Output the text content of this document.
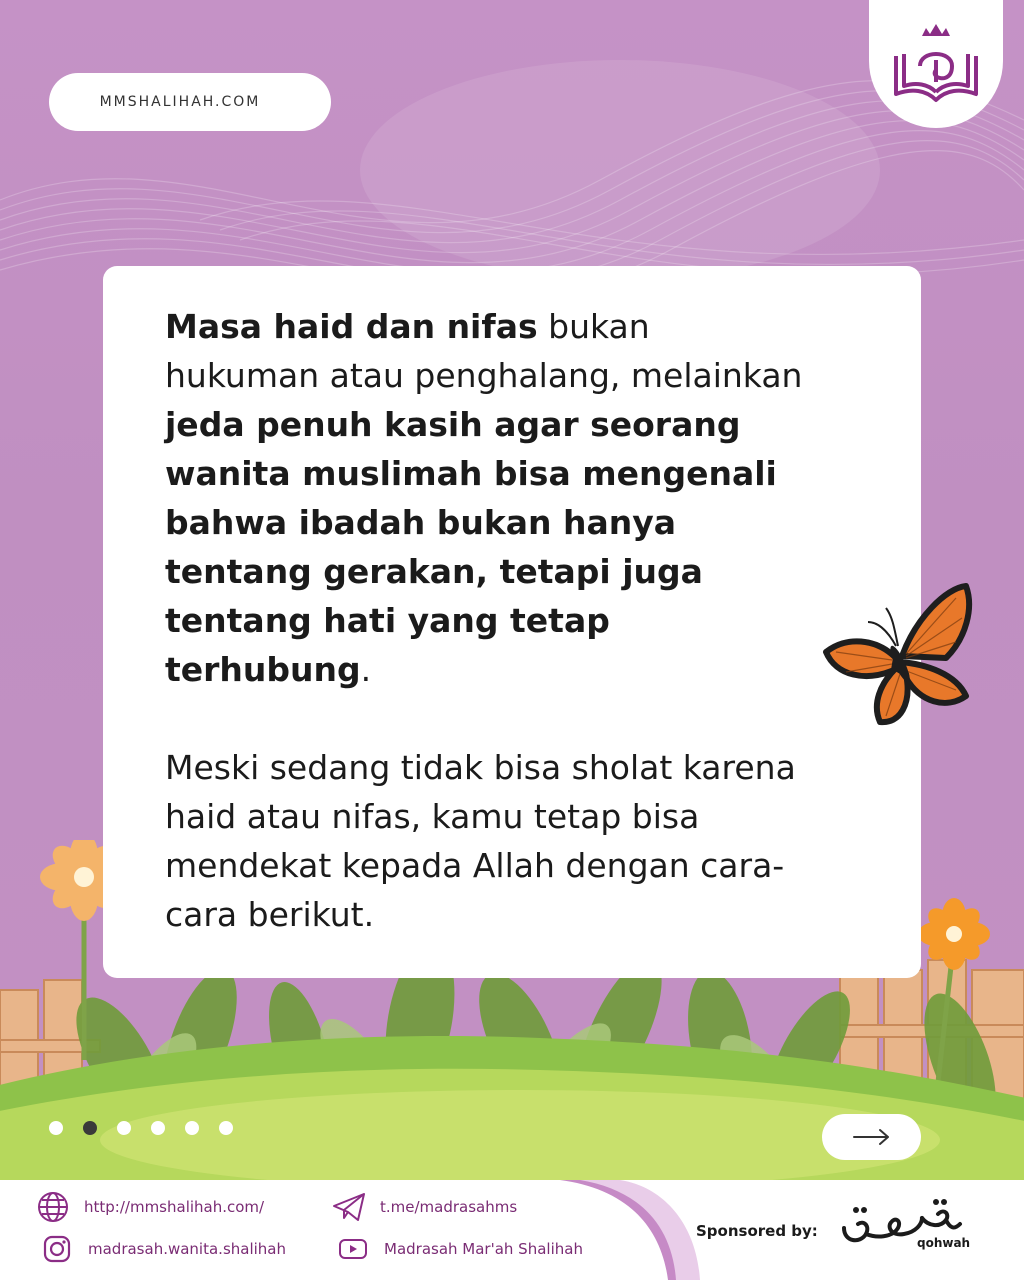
MMSHALIHAH.COM

Masa haid dan nifas bukan hukuman atau penghalang, melainkan jeda penuh kasih agar seorang wanita muslimah bisa mengenali bahwa ibadah bukan hanya tentang gerakan, tetapi juga tentang hati yang tetap terhubung.

Meski sedang tidak bisa sholat karena haid atau nifas, kamu tetap bisa mendekat kepada Allah dengan cara-cara berikut.

http://mmshalihah.com/
madrasah.wanita.shalihah
t.me/madrasahms
Madrasah Mar'ah Shalihah
Sponsored by:
qohwah
